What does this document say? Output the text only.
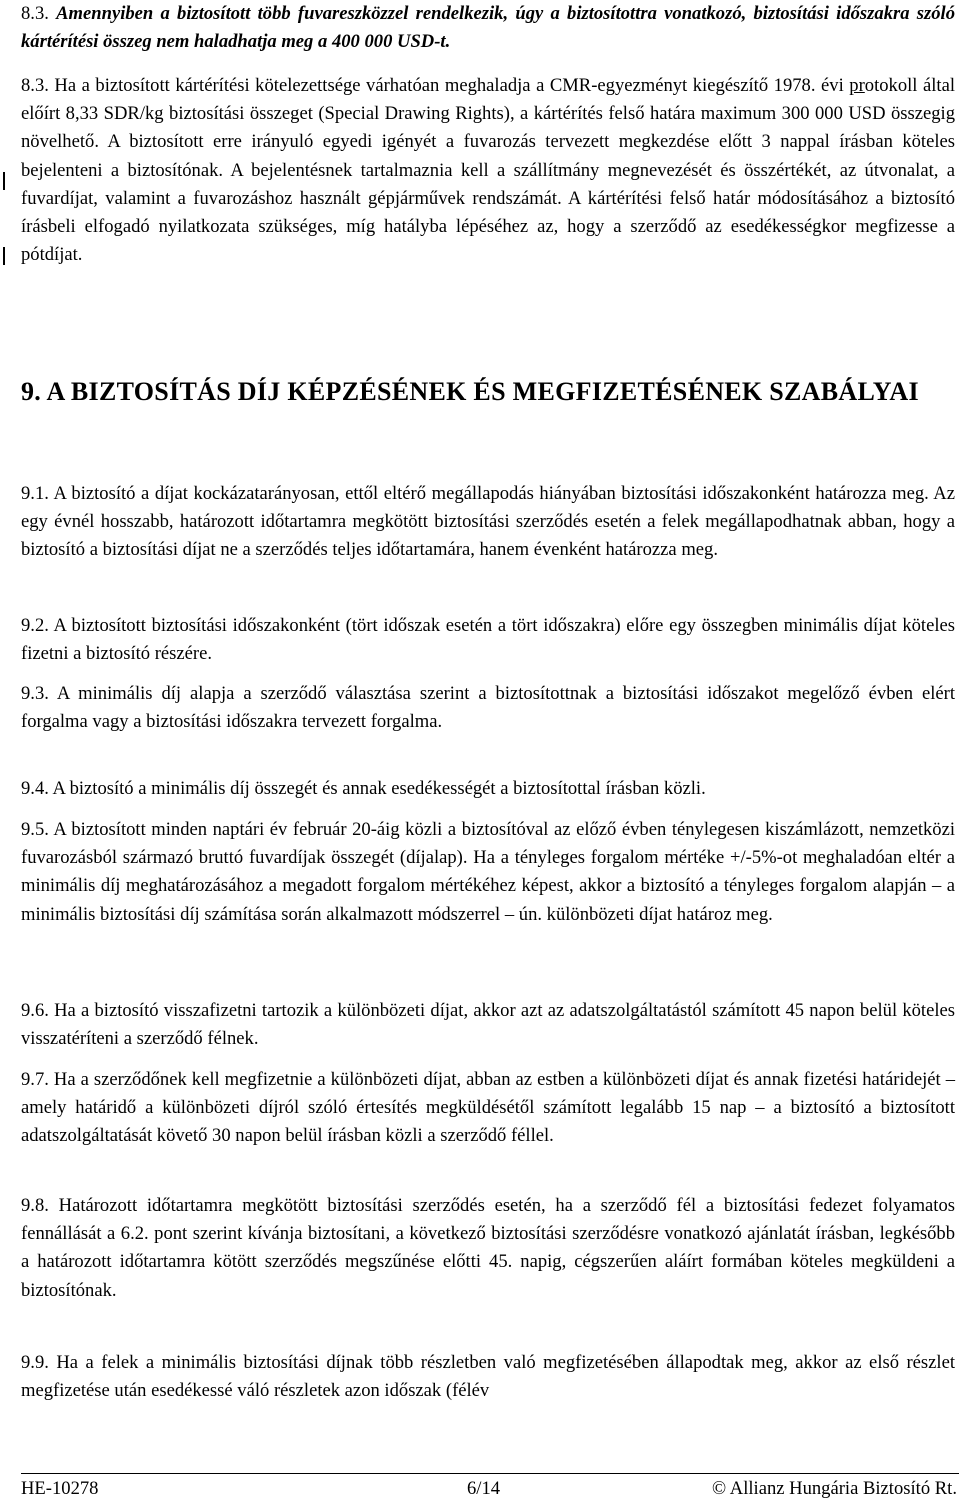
8.3. Amennyiben a biztosított több fuvareszközzel rendelkezik, úgy a biztosítottra vonatkozó, biztosítási időszakra szóló kártérítési összeg nem haladhatja meg a 400 000 USD-t.

8.3. Ha a biztosított kártérítési kötelezettsége várhatóan meghaladja a CMR-egyezményt kiegészítő 1978. évi protokoll által előírt 8,33 SDR/kg biztosítási összeget (Special Drawing Rights), a kártérítés felső határa maximum 300 000 USD összegig növelhető. A biztosított erre irányuló egyedi igényét a fuvarozás tervezett megkezdése előtt 3 nappal írásban köteles bejelenteni a biztosítónak. A bejelentésnek tartalmaznia kell a szállítmány megnevezését és összértékét, az útvonalat, a fuvardíjat, valamint a fuvarozáshoz használt gépjárművek rendszámát. A kártérítési felső határ módosításához a biztosító írásbeli elfogadó nyilatkozata szükséges, míg hatályba lépéséhez az, hogy a szerződő az esedékességkor megfizesse a pótdíjat.

9. A BIZTOSÍTÁS DÍJ KÉPZÉSÉNEK ÉS MEGFIZETÉSÉNEK SZABÁLYAI

9.1. A biztosító a díjat kockázatarányosan, ettől eltérő megállapodás hiányában biztosítási időszakonként határozza meg. Az egy évnél hosszabb, határozott időtartamra megkötött biztosítási szerződés esetén a felek megállapodhatnak abban, hogy a biztosító a biztosítási díjat ne a szerződés teljes időtartamára, hanem évenként határozza meg.

9.2. A biztosított biztosítási időszakonként (tört időszak esetén a tört időszakra) előre egy összegben minimális díjat köteles fizetni a biztosító részére.

9.3. A minimális díj alapja a szerződő választása szerint a biztosítottnak a biztosítási időszakot megelőző évben elért forgalma vagy a biztosítási időszakra tervezett forgalma.

9.4. A biztosító a minimális díj összegét és annak esedékességét a biztosítottal írásban közli.

9.5. A biztosított minden naptári év február 20-áig közli a biztosítóval az előző évben ténylegesen kiszámlázott, nemzetközi fuvarozásból származó bruttó fuvardíjak összegét (díjalap). Ha a tényleges forgalom mértéke +/-5%-ot meghaladóan eltér a minimális díj meghatározásához a megadott forgalom mértékéhez képest, akkor a biztosító a tényleges forgalom alapján – a minimális biztosítási díj számítása során alkalmazott módszerrel – ún. különbözeti díjat határoz meg.

9.6. Ha a biztosító visszafizetni tartozik a különbözeti díjat, akkor azt az adatszolgáltatástól számított 45 napon belül köteles visszatéríteni a szerződő félnek.

9.7. Ha a szerződőnek kell megfizetnie a különbözeti díjat, abban az estben a különbözeti díjat és annak fizetési határidejét – amely határidő a különbözeti díjról szóló értesítés megküldésétől számított legalább 15 nap – a biztosító a biztosított adatszolgáltatását követő 30 napon belül írásban közli a szerződő féllel.

9.8. Határozott időtartamra megkötött biztosítási szerződés esetén, ha a szerződő fél a biztosítási fedezet folyamatos fennállását a 6.2. pont szerint kívánja biztosítani, a következő biztosítási szerződésre vonatkozó ajánlatát írásban, legkésőbb a határozott időtartamra kötött szerződés megszűnése előtti 45. napig, cégszerűen aláírt formában köteles megküldeni a biztosítónak.

9.9. Ha a felek a minimális biztosítási díjnak több részletben való megfizetésében állapodtak meg, akkor az első részlet megfizetése után esedékessé váló részletek azon időszak (félév

HE-10278	6/14	© Allianz Hungária Biztosító Rt.
